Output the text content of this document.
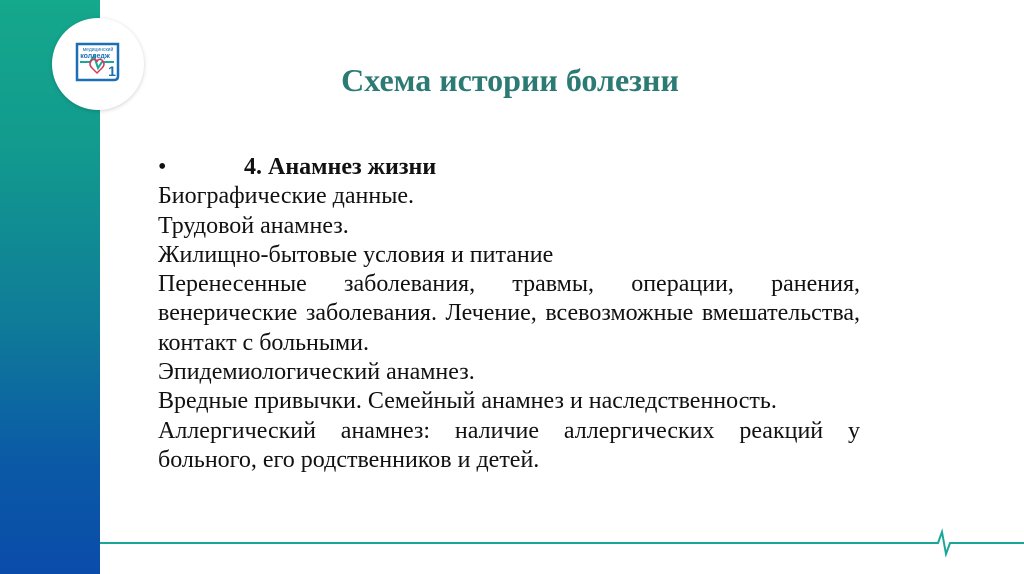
медицинский
колледж
1	Схема истории болезни

•	4. Анамнез жизни

Биографические данные.

Трудовой анамнез.

Жилищно-бытовые условия и питание

Перенесенные заболевания, травмы, операции, ранения, венерические заболевания. Лечение, всевозможные вмешательства, контакт с больными.

Эпидемиологический анамнез.

Вредные привычки. Семейный анамнез и наследственность.

Аллергический анамнез: наличие аллергических реакций у больного, его родственников и детей.
